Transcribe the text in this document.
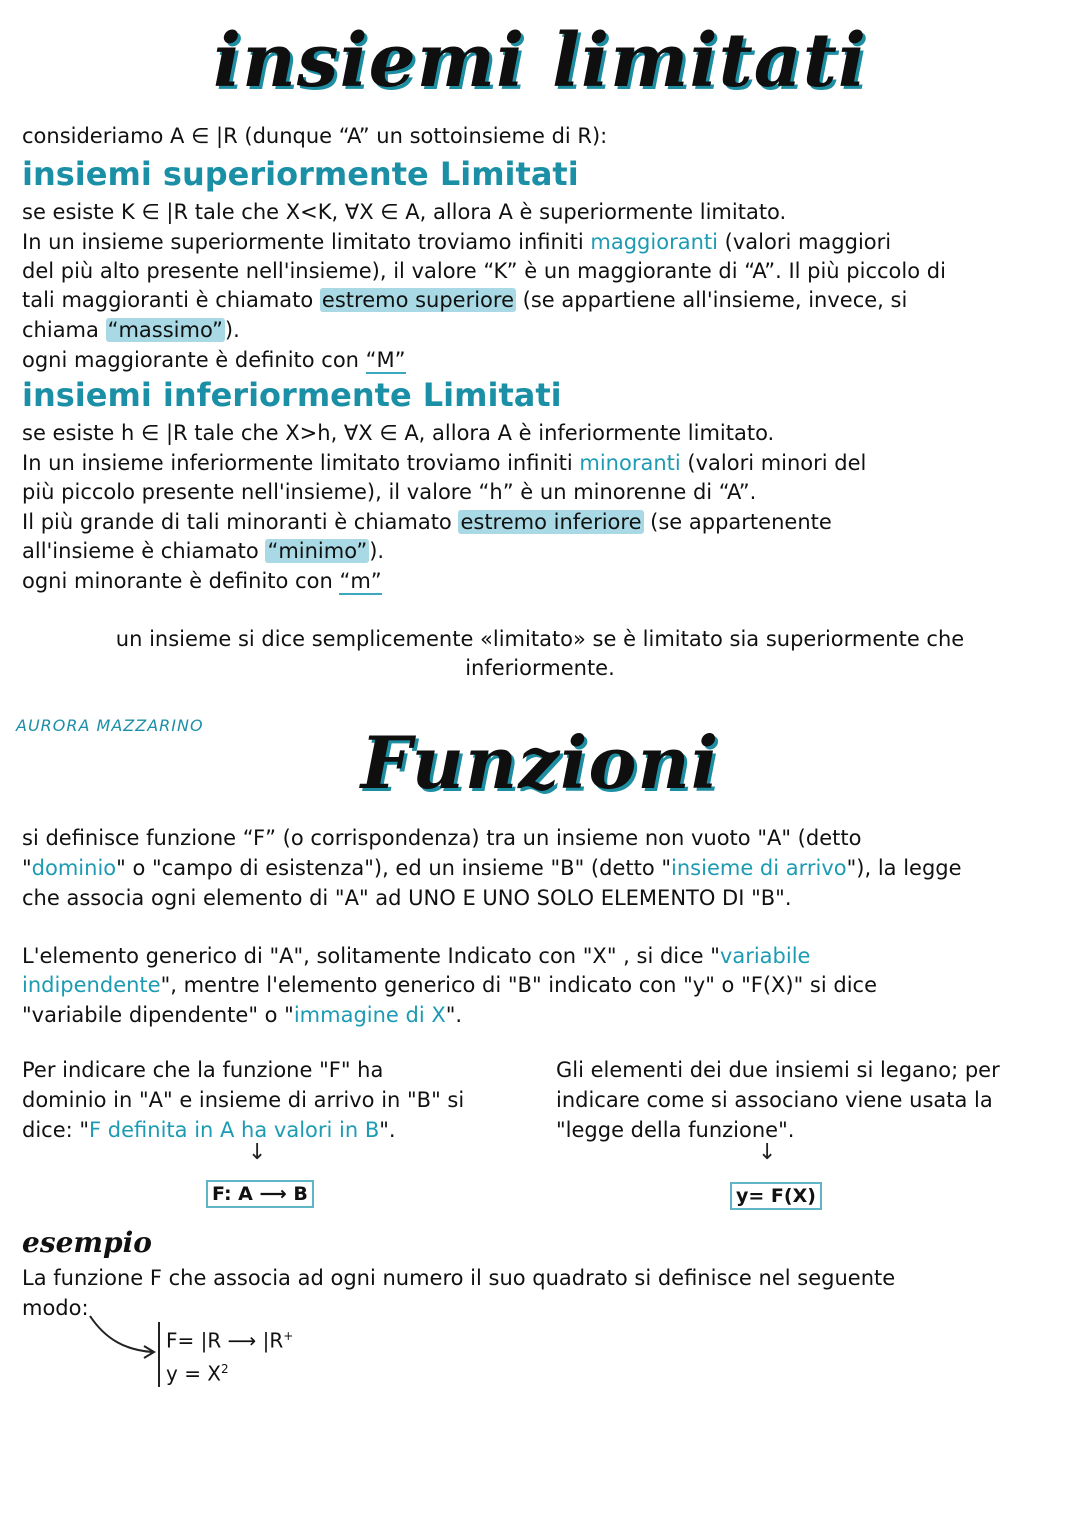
insiemi limitati
consideriamo A ∈ |R (dunque “A” un sottoinsieme di R):
insiemi superiormente Limitati
se esiste K ∈ |R tale che X<K, ∀X ∈ A, allora A è superiormente limitato.
In un insieme superiormente limitato troviamo infiniti maggioranti (valori maggiori
del più alto presente nell'insieme), il valore “K” è un maggiorante di “A”. Il più piccolo di
tali maggioranti è chiamato estremo superiore (se appartiene all'insieme, invece, si
chiama “massimo”).
ogni maggiorante è definito con “M”
insiemi inferiormente Limitati
se esiste h ∈ |R tale che X>h, ∀X ∈ A, allora A è inferiormente limitato.
In un insieme inferiormente limitato troviamo infiniti minoranti (valori minori del
più piccolo presente nell'insieme), il valore “h” è un minorenne di “A”.
Il più grande di tali minoranti è chiamato estremo inferiore (se appartenente
all'insieme è chiamato “minimo”).
ogni minorante è definito con “m”
un insieme si dice semplicemente «limitato» se è limitato sia superiormente che
inferiormente.
AURORA MAZZARINO	Funzioni
si definisce funzione “F” (o corrispondenza) tra un insieme non vuoto "A" (detto
"dominio" o "campo di esistenza"), ed un insieme "B" (detto "insieme di arrivo"), la legge
che associa ogni elemento di "A" ad UNO E UNO SOLO ELEMENTO DI "B".
L'elemento generico di "A", solitamente Indicato con "X" , si dice "variabile
indipendente", mentre l'elemento generico di "B" indicato con "y" o "F(X)" si dice
"variabile dipendente" o "immagine di X".
Per indicare che la funzione "F" ha
dominio in "A" e insieme di arrivo in "B" si
dice: "F definita in A ha valori in B".
↓
F: A ⟶ B
Gli elementi dei due insiemi si legano; per
indicare come si associano viene usata la
"legge della funzione".
↓
y= F(X)
esempio
La funzione F che associa ad ogni numero il suo quadrato si definisce nel seguente
modo:
F= |R ⟶ |R+
$y = X^2$
